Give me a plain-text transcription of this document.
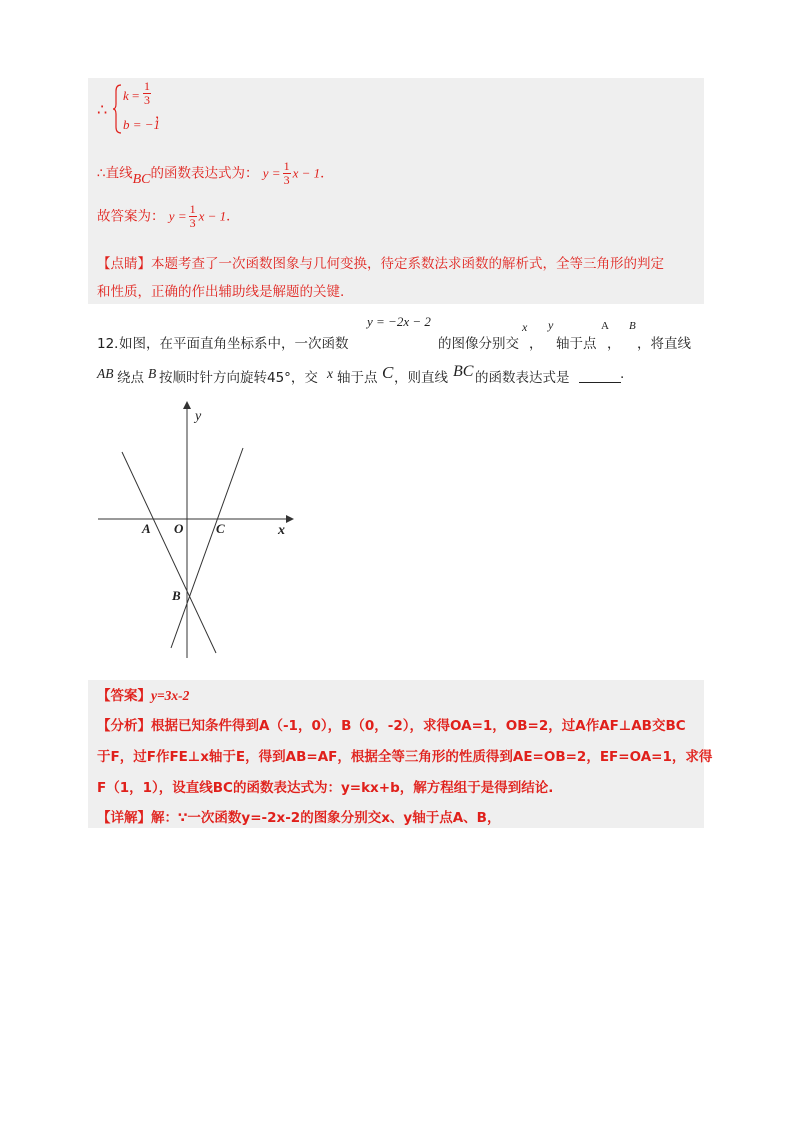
∴
$k = \frac{1}{3}$
b = −1
，
∴直线BC的函数表达式为： $y = \frac{1}{3}$ x − 1．
故答案为： $y = \frac{1}{3}$ x − 1．
【点睛】本题考查了一次函数图象与几何变换，待定系数法求函数的解析式，全等三角形的判定
和性质，正确的作出辅助线是解题的关键.
12．
如图，在平面直角坐标系中，一次函数
y = −2x − 2
的图像分别交
x
，
y
轴于点
A
，
B
，将直线
AB 绕点 B 按顺时针方向旋转45°，交 x 轴于点 C ，则直线 BC 的函数表达式是	.
y
x
O
A	C
B
【答案】y=3x-2
【分析】根据已知条件得到A（-1，0），B（0，-2），求得OA=1，OB=2，过A作AF⊥AB交BC
于F，过F作FE⊥x轴于E，得到AB=AF，根据全等三角形的性质得到AE=OB=2，EF=OA=1，求得
F（1，1），设直线BC的函数表达式为：y=kx+b，解方程组于是得到结论.
【详解】解：∵一次函数y=-2x-2的图象分别交x、y轴于点A、B，
